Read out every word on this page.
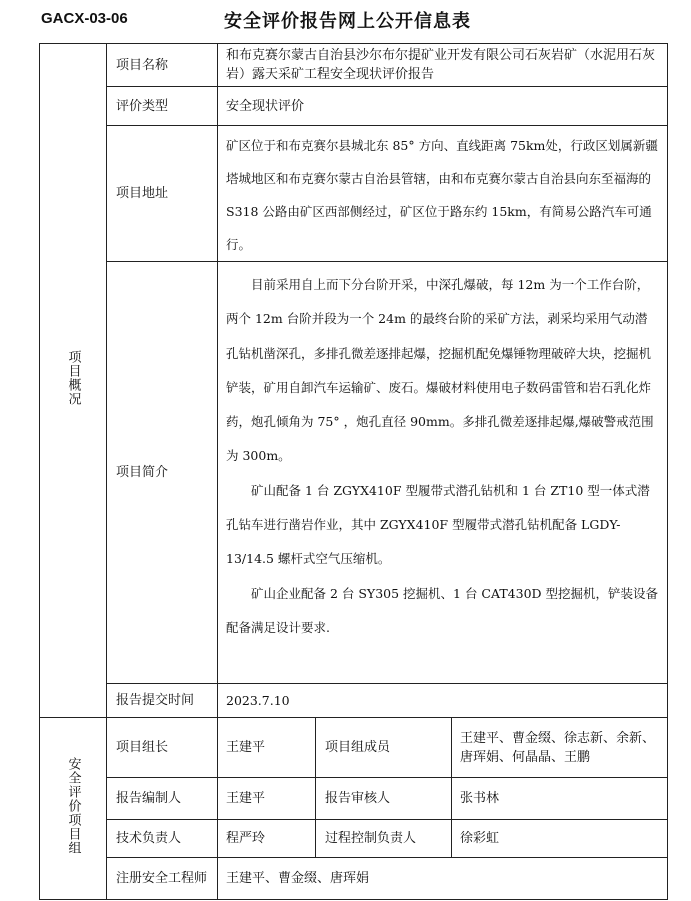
GACX-03-06	安全评价报告网上公开信息表
项目概况	项目名称	和布克赛尔蒙古自治县沙尔布尔提矿业开发有限公司石灰岩矿（水泥用石灰岩）露天采矿工程安全现状评价报告		
	评价类型	安全现状评价		
	项目地址	矿区位于和布克赛尔县城北东 85° 方向、直线距离 75km处，行政区划属新疆塔城地区和布克赛尔蒙古自治县管辖，由和布克赛尔蒙古自治县向东至福海的 S318 公路由矿区西部侧经过，矿区位于路东约 15km，有简易公路汽车可通行。		
	项目简介	目前采用自上而下分台阶开采，中深孔爆破，每 12m 为一个工作台阶，两个 12m 台阶并段为一个 24m 的最终台阶的采矿方法，剥采均采用气动潜孔钻机凿深孔，多排孔微差逐排起爆，挖掘机配免爆锤物理破碎大块，挖掘机铲装，矿用自卸汽车运输矿、废石。爆破材料使用电子数码雷管和岩石乳化炸药，炮孔倾角为 75° ，炮孔直径 90mm。多排孔微差逐排起爆,爆破警戒范围为 300m。

矿山配备 1 台 ZGYX410F 型履带式潜孔钻机和 1 台 ZT10 型一体式潜孔钻车进行凿岩作业，其中 ZGYX410F 型履带式潜孔钻机配备 LGDY-13/14.5 螺杆式空气压缩机。

矿山企业配备 2 台 SY305 挖掘机、1 台 CAT430D 型挖掘机，铲装设备配备满足设计要求.		

	报告提交时间	2023.7.10		

安全评价项目组	项目组长	王建平	项目组成员	王建平、曹金缀、徐志新、余新、唐珲娟、何晶晶、王鹏
	报告编制人	王建平	报告审核人	张书林
	技术负责人	程严玲	过程控制负责人	徐彩虹
	注册安全工程师	王建平、曹金缀、唐珲娟		
